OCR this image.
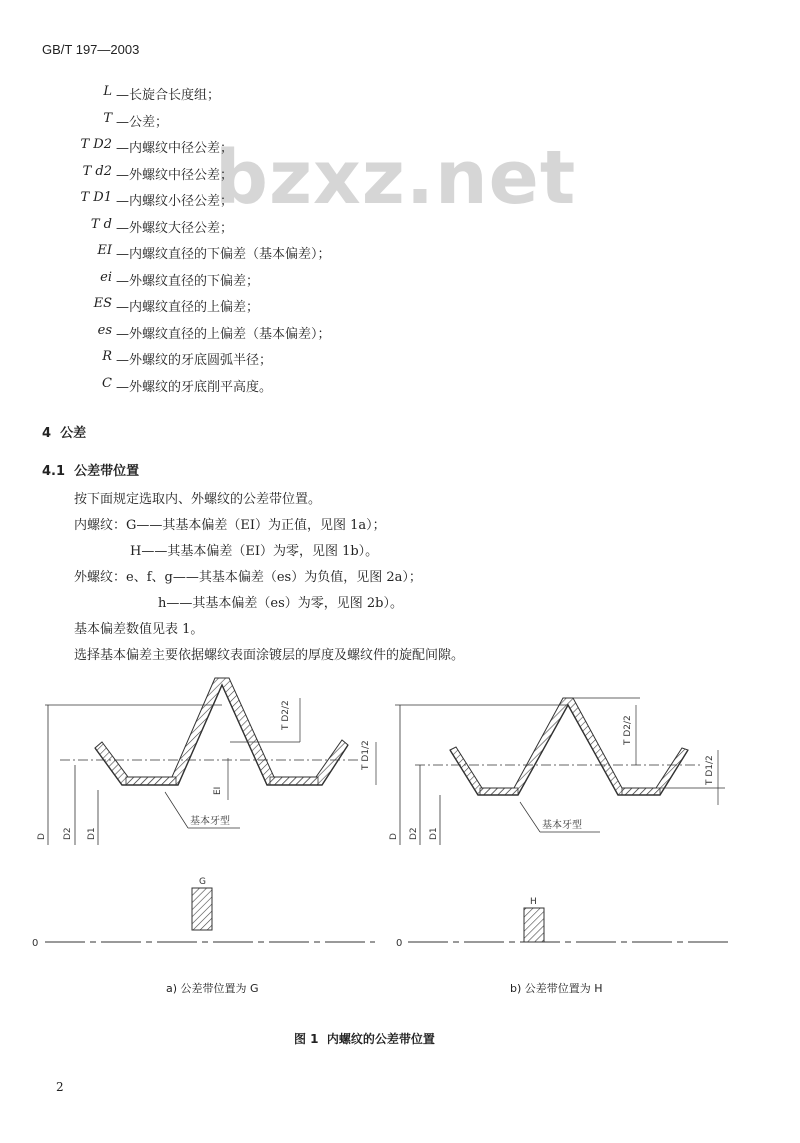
GB/T 197—2003
bzxz.net
L —长旋合长度组；
T —公差；
T D2 —内螺纹中径公差；
T d2 —外螺纹中径公差；
T D1 —内螺纹小径公差；
T d —外螺纹大径公差；
EI —内螺纹直径的下偏差（基本偏差）；
ei —外螺纹直径的下偏差；
ES —内螺纹直径的上偏差；
es —外螺纹直径的上偏差（基本偏差）；
R —外螺纹的牙底圆弧半径；
C —外螺纹的牙底削平高度。
4 公差
4.1 公差带位置
按下面规定选取内、外螺纹的公差带位置。
内螺纹：G——其基本偏差（EI）为正值，见图 1a）；
H——其基本偏差（EI）为零，见图 1b）。
外螺纹：e、f、g——其基本偏差（es）为负值，见图 2a）；
h——其基本偏差（es）为零，见图 2b）。
基本偏差数值见表 1。
选择基本偏差主要依据螺纹表面涂镀层的厚度及螺纹件的旋配间隙。
基本牙型
T D2/2
T D1/2
EI
D D2 D1
0
G
基本牙型
T D2/2
T D1/2
D D2 D1
0
H
a) 公差带位置为 G	b) 公差带位置为 H
图 1 内螺纹的公差带位置
2
